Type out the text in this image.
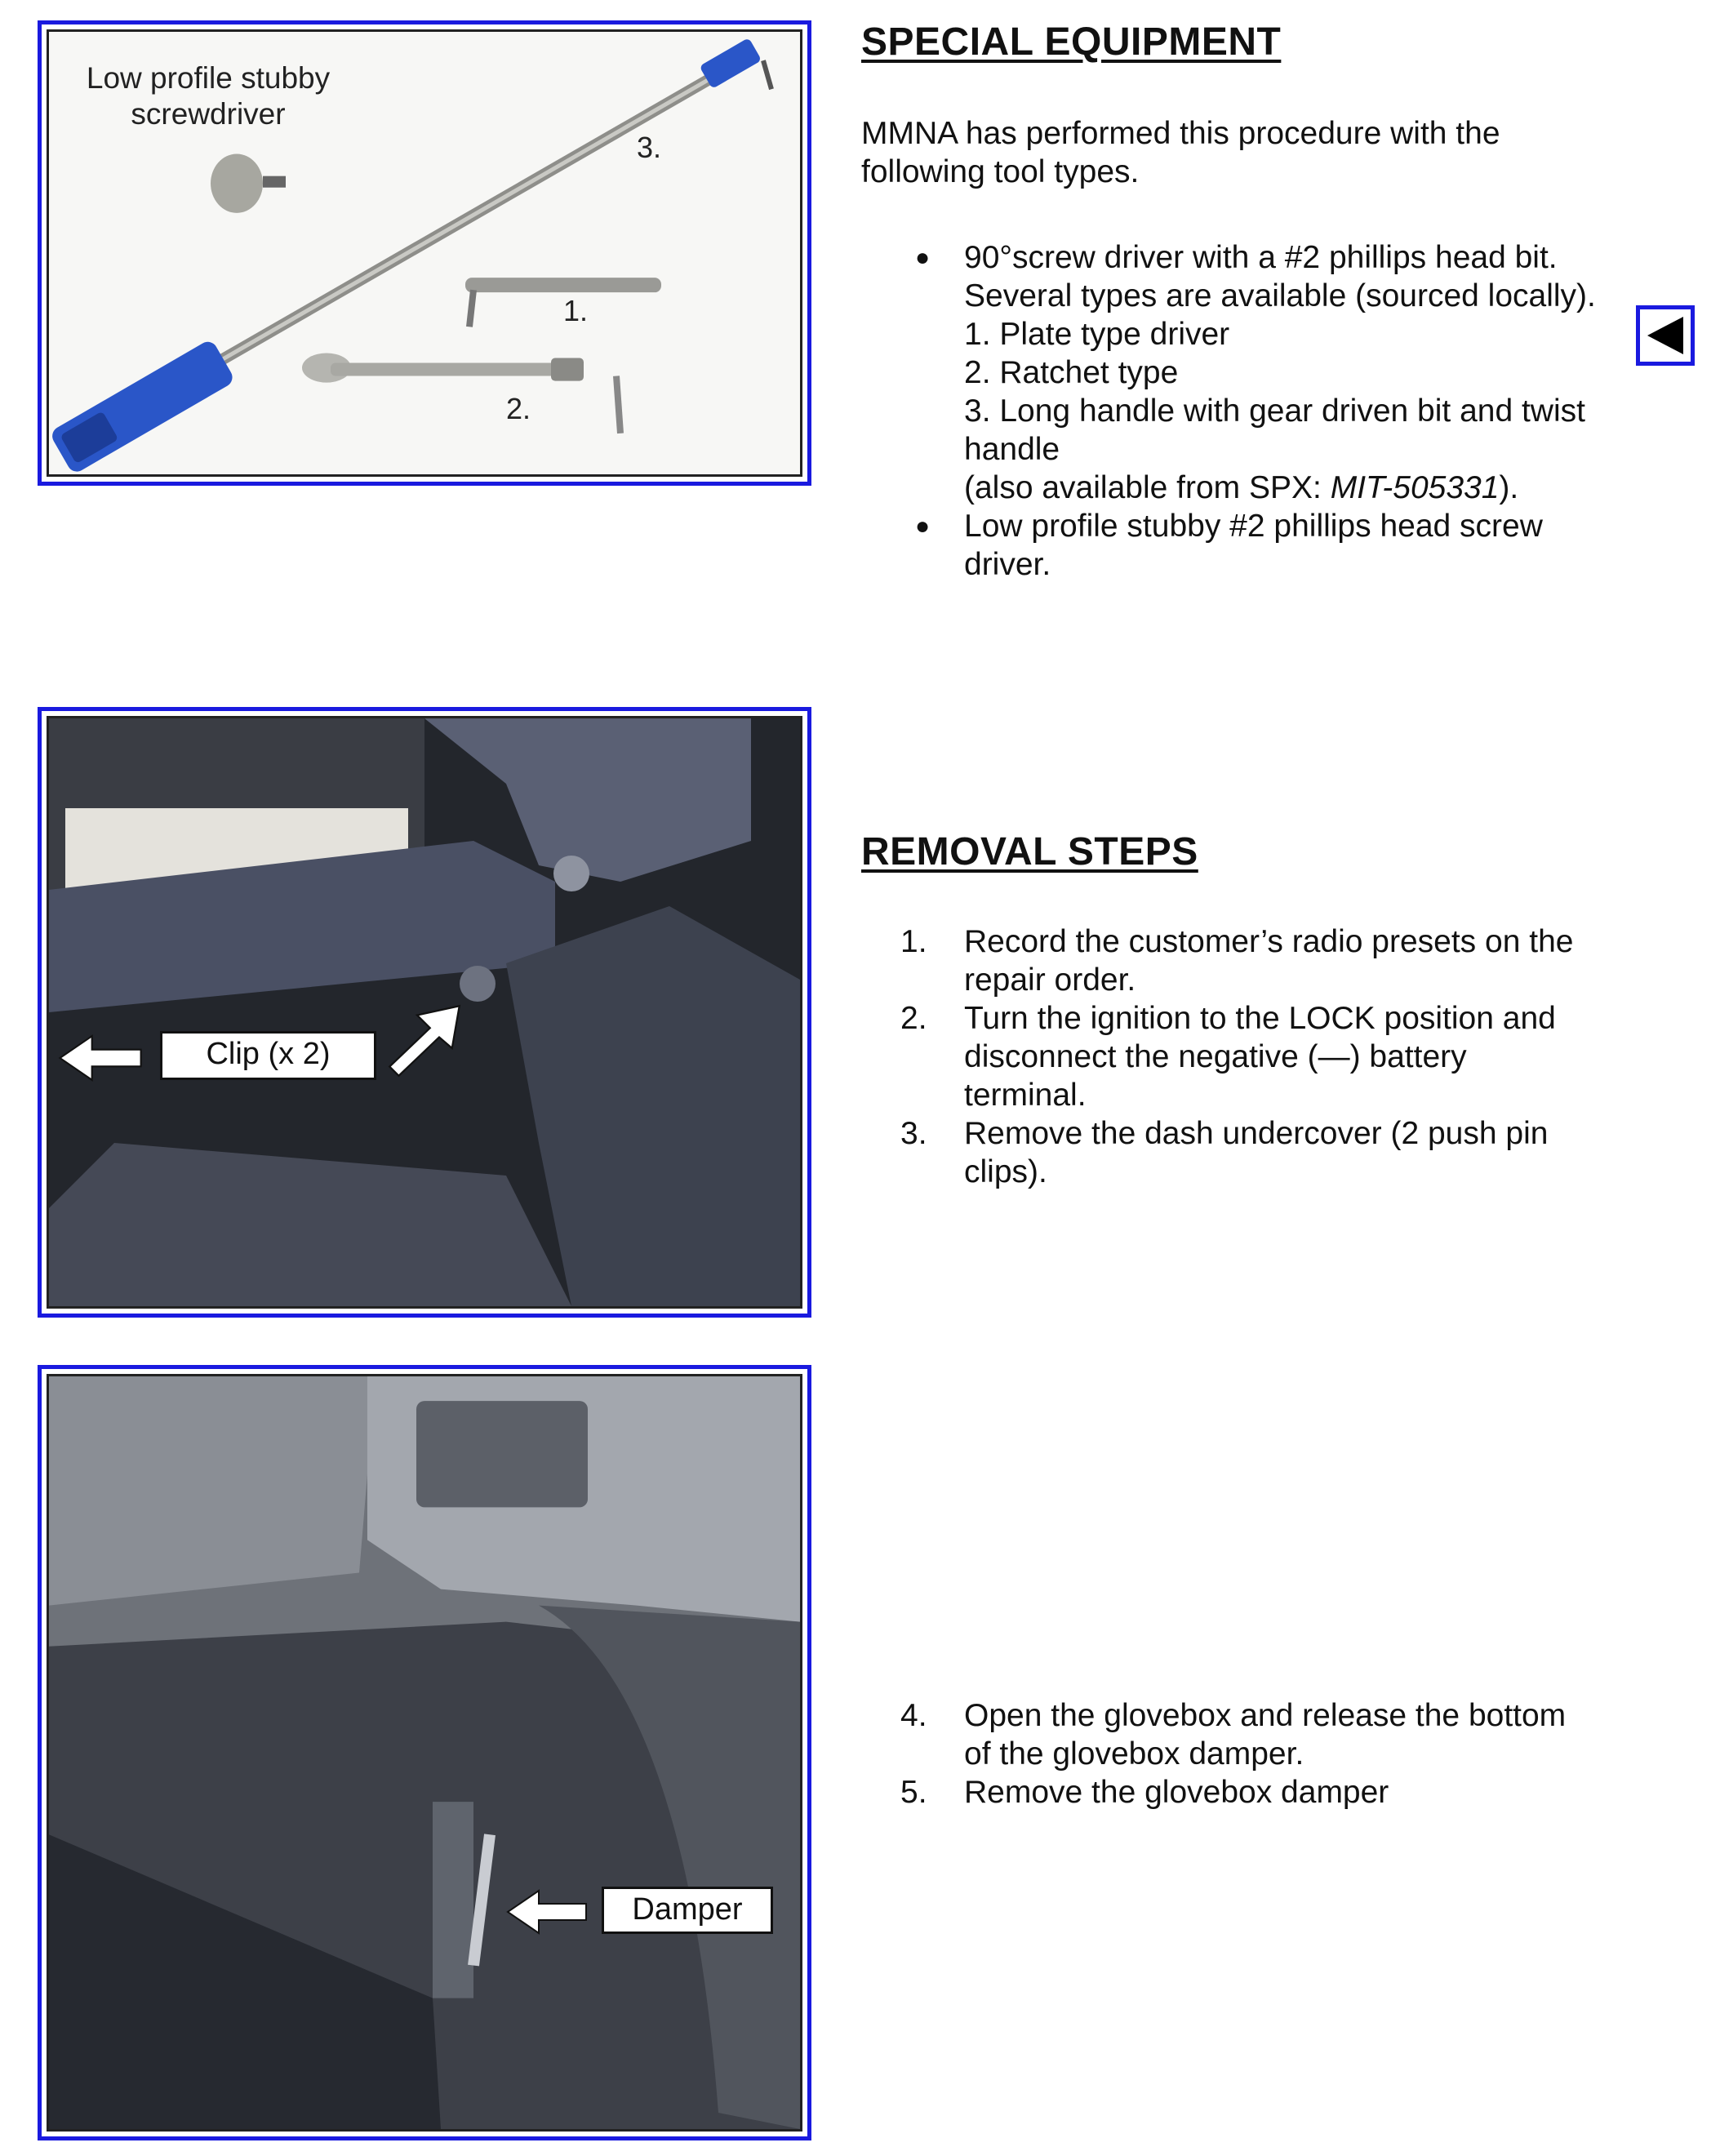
Low profile stubby screwdriver
3.
1.
2.
Clip (x 2)
Damper
SPECIAL EQUIPMENT
MMNA has performed this procedure with the following tool types.
● 90°screw driver with a #2 phillips head bit.
Several types are available (sourced locally).
1. Plate type driver
2. Ratchet type
3. Long handle with gear driven bit and twist handle
(also available from SPX: MIT-505331).
● Low profile stubby #2 phillips head screw driver.
REMOVAL STEPS
1. Record the customer’s radio presets on the repair order.
2. Turn the ignition to the LOCK position and disconnect the negative (—) battery terminal.
3. Remove the dash undercover (2 push pin clips).
4. Open the glovebox and release the bottom of the glovebox damper.
5. Remove the glovebox damper
